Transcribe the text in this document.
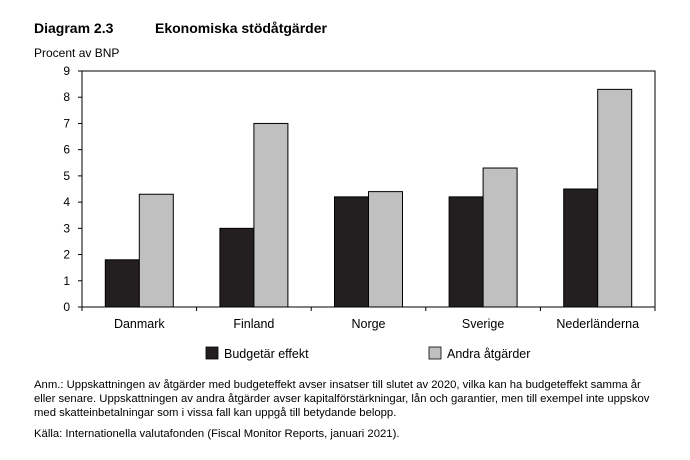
Diagram 2.3	Ekonomiska stödåtgärder
Procent av BNP
Danmark	Finland	Norge	Sverige	Nederländerna
0
1
2
3
4
5
6
7
8
9
Budgetär effekt	Andra åtgärder
Anm.: Uppskattningen av åtgärder med budgeteffekt avser insatser till slutet av 2020, vilka kan ha budgeteffekt samma år eller senare. Uppskattningen av andra åtgärder avser kapitalförstärkningar, lån och garantier, men till exempel inte uppskov med skatteinbetalningar som i vissa fall kan uppgå till betydande belopp.
Källa: Internationella valutafonden (Fiscal Monitor Reports, januari 2021).
